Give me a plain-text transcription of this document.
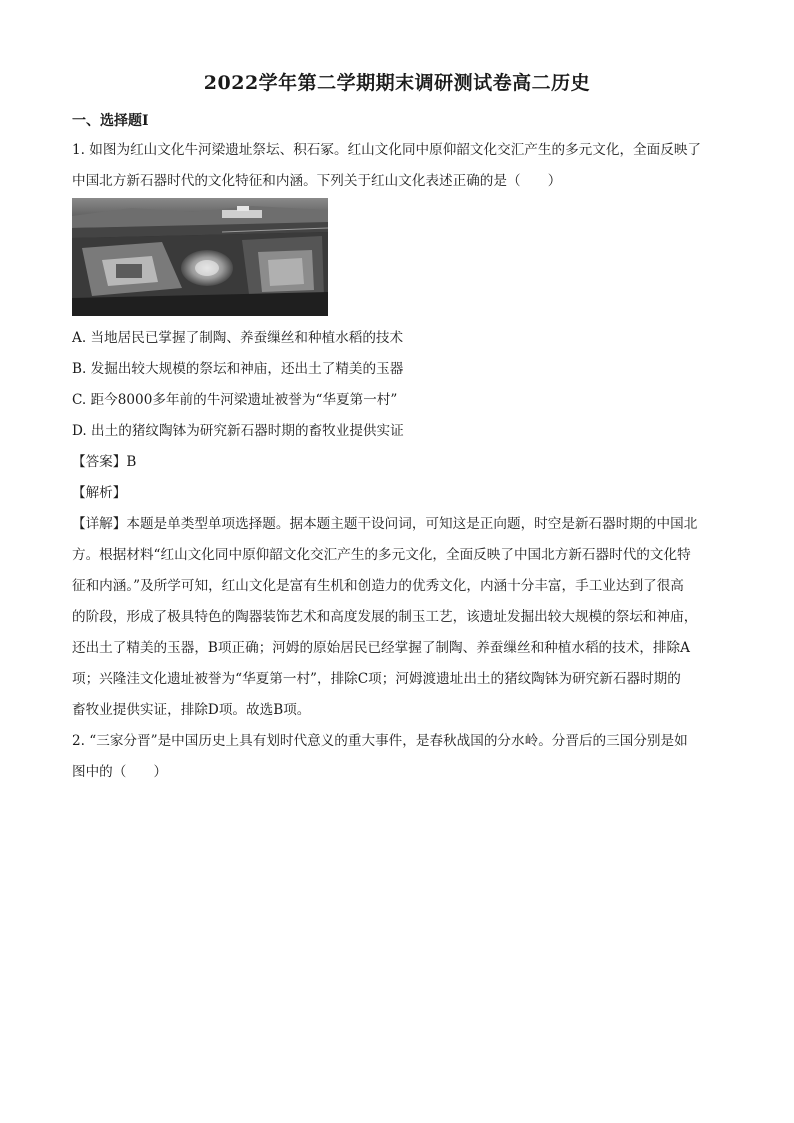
2022学年第二学期期末调研测试卷高二历史
一、选择题Ⅰ
1. 如图为红山文化牛河梁遗址祭坛、积石冢。红山文化同中原仰韶文化交汇产生的多元文化，全面反映了
中国北方新石器时代的文化特征和内涵。下列关于红山文化表述正确的是（　　）
A. 当地居民已掌握了制陶、养蚕缫丝和种植水稻的技术
B. 发掘出较大规模的祭坛和神庙，还出土了精美的玉器
C. 距今8000多年前的牛河梁遗址被誉为“华夏第一村”
D. 出土的猪纹陶钵为研究新石器时期的畜牧业提供实证
【答案】B
【解析】
【详解】本题是单类型单项选择题。据本题主题干设问词，可知这是正向题，时空是新石器时期的中国北
方。根据材料“红山文化同中原仰韶文化交汇产生的多元文化，全面反映了中国北方新石器时代的文化特
征和内涵。”及所学可知，红山文化是富有生机和创造力的优秀文化，内涵十分丰富，手工业达到了很高
的阶段，形成了极具特色的陶器装饰艺术和高度发展的制玉工艺，该遗址发掘出较大规模的祭坛和神庙，
还出土了精美的玉器，B项正确；河姆的原始居民已经掌握了制陶、养蚕缫丝和种植水稻的技术，排除A
项；兴隆洼文化遗址被誉为“华夏第一村”，排除C项；河姆渡遗址出土的猪纹陶钵为研究新石器时期的
畜牧业提供实证，排除D项。故选B项。
2. “三家分晋”是中国历史上具有划时代意义的重大事件，是春秋战国的分水岭。分晋后的三国分别是如
图中的（　　）
